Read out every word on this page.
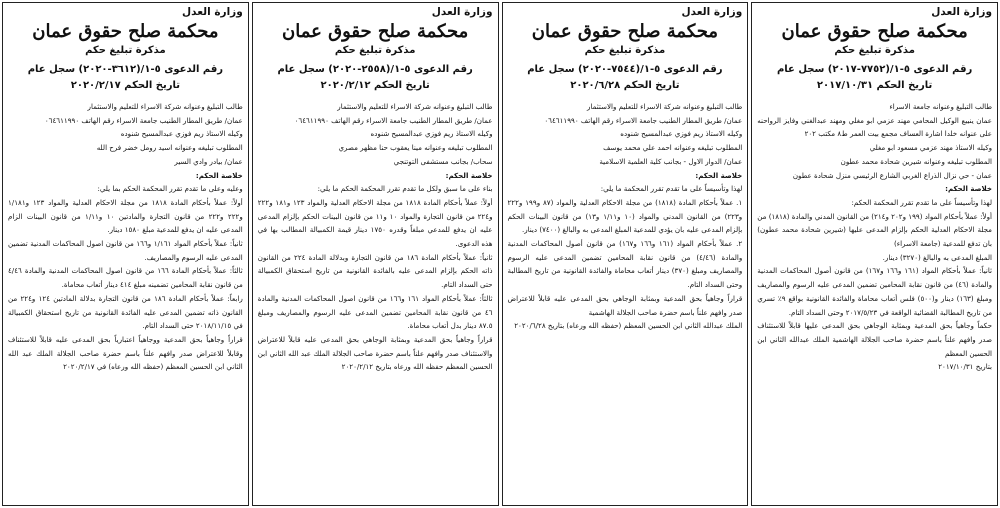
وزارة العدل
محكمة صلح حقوق عمان
مذكرة تبليغ حكم
رقم الدعوى ٥-١/(٣٦١٢-٢٠٢٠) سجل عام
تاريخ الحكم ٢٠٢٠/٢/١٧

طالب التبليغ وعنوانه شركة الاسراء للتعليم والاستثمار

عمان/ طريق المطار الطنيب جامعة الاسراء رقم الهاتف ٠٦٤٦١١٩٩٠

وكيله الاستاذ ريم فوزي عبدالمسيح شنوده

المطلوب تبليغه وعنوانه اسيد رومل خضر فرح الله

عمان/ بيادر وادي السير

خلاصة الحكم:

وعليه وعلى ما تقدم تقرر المحكمة الحكم بما يلي:

أولاً: عملاً بأحكام المادة ١٨١٨ من مجلة الاحكام العدلية والمواد ١٢٣ و١/١٨١ و٢٢٢ و٢٢٢ من قانون التجارة والمادتين ١٠ و١/١١ من قانون البينات الزام المدعى عليه ان يدفع للمدعية مبلغ ١٥٨٠ دينار.

ثانياً: عملاً بأحكام المواد ١/١٦١ و١٦٦ من قانون اصول المحاكمات المدنية تضمين المدعى عليه الرسوم والمصاريف.

ثالثاً: عملاً بأحكام المادة ١٦٦ من قانون اصول المحاكمات المدنية والمادة ٤/٤٦ من قانون نقابة المحامين تضمينه مبلغ ٤١٤ دينار أتعاب محاماة.

رابعاً: عملاً بأحكام المادة ١٨٦ من قانون التجارة بدلالة المادتين ١٢٤ و٢٢٤ من القانون ذاته تضمين المدعى عليه الفائدة القانونية من تاريخ استحقاق الكمبيالة في ٢٠١٨/١١/١٥ حتى السداد التام.

قراراً وجاهياً بحق المدعية ووجاهياً اعتبارياً بحق المدعى عليه قابلاً للاستئناف وقابلاً للاعتراض صدر وافهم علناً باسم حضرة صاحب الجلالة الملك عبد الله الثاني ابن الحسين المعظم (حفظه الله ورعاه) في ٢٠٢٠/٢/١٧

وزارة العدل
محكمة صلح حقوق عمان
مذكرة تبليغ حكم
رقم الدعوى ٥-١/(٢٥٥٨-٢٠٢٠) سجل عام
تاريخ الحكم ٢٠٢٠/٢/١٢

طالب التبليغ وعنوانه شركة الاسراء للتعليم والاستثمار

عمان/ طريق المطار الطنيب جامعة الاسراء رقم الهاتف ٠٦٤٦١١٩٩٠

وكيله الاستاذ ريم فوزي عبدالمسيح شنوده

المطلوب تبليغه وعنوانه مينا يعقوب حنا مظهر مصري

سحاب/ بجانب مستشفى التوتنجي

خلاصة الحكم:

بناء على ما سبق ولكل ما تقدم تقرر المحكمة الحكم ما يلي:

أولاً: عملاً بأحكام المادة ١٨١٨ من مجلة الاحكام العدلية والمواد ١٢٣ و١٨١ و٢٢٢ و٢٢٤ من قانون التجارة والمواد ١٠ و١١ من قانون البينات الحكم بإلزام المدعى عليه ان يدفع للمدعي مبلغاً وقدره ١٧٥٠ دينار قيمة الكمبيالة المطالب بها في هذه الدعوى.

ثانياً: عملاً بأحكام المادة ١٨٦ من قانون التجارة وبدلالة المادة ٢٢٤ من القانون ذاته الحكم بإلزام المدعى عليه بالفائدة القانونية من تاريخ استحقاق الكمبيالة حتى السداد التام.

ثالثاً: عملاً بأحكام المواد ١٦١ و١٦٦ من قانون اصول المحاكمات المدنية والمادة ٤٦ من قانون نقابة المحامين تضمين المدعى عليه الرسوم والمصاريف ومبلغ ٨٧.٥ دينار بدل أتعاب محاماة.

قراراً وجاهياً بحق المدعية وبمثابة الوجاهي بحق المدعى عليه قابلاً للاعتراض والاستئناف صدر وافهم علناً باسم حضرة صاحب الجلالة الملك عبد الله الثاني ابن الحسين المعظم حفظه الله ورعاه بتاريخ ٢٠٢٠/٢/١٢

وزارة العدل
محكمة صلح حقوق عمان
مذكرة تبليغ حكم
رقم الدعوى ٥-١/(٧٥٤٤-٢٠٢٠) سجل عام
تاريخ الحكم ٢٠٢٠/٦/٢٨

طالب التبليغ وعنوانه شركة الاسراء للتعليم والاستثمار

عمان/ طريق المطار الطنيب جامعة الاسراء رقم الهاتف ٠٦٤٦١١٩٩٠

وكيله الاستاذ ريم فوزي عبدالمسيح شنوده

المطلوب تبليغه وعنوانه احمد علي محمد يوسف

عمان/ الدوار الاول - بجانب كلية العلمية الاسلامية

خلاصة الحكم:

لهذا وتأسيساً على ما تقدم تقرر المحكمة ما يلي:

١. عملاً بأحكام المادة (١٨١٨) من مجلة الاحكام العدلية والمواد (٨٧ و١٩٩ و٢٢٢ و٢٢٣) من القانون المدني والمواد (١٠ و١/١١ و١٣) من قانون البينات الحكم بإلزام المدعى عليه بان يؤدي للمدعية المبلغ المدعى به والبالغ (٧٤٠٠) دينار.

٢. عملاً بأحكام المواد (١٦١ و١٦٦ و١٦٧) من قانون أصول المحاكمات المدنية والمادة (٤/٤٦) من قانون نقابة المحامين تضمين المدعى عليه الرسوم والمصاريف ومبلغ (٣٧٠) دينار أتعاب محاماة والفائدة القانونية من تاريخ المطالبة وحتى السداد التام.

قراراً وجاهياً بحق المدعية وبمثابة الوجاهي بحق المدعى عليه قابلاً للاعتراض صدر وافهم علناً باسم حضرة صاحب الجلالة الهاشمية

الملك عبدالله الثاني ابن الحسين المعظم (حفظه الله ورعاه) بتاريخ ٢٠٢٠/٦/٢٨

وزارة العدل
محكمة صلح حقوق عمان
مذكرة تبليغ حكم
رقم الدعوى ٥-١/(٧٧٥٢-٢٠١٧) سجل عام
تاريخ الحكم ٢٠١٧/١٠/٣١

طالب التبليغ وعنوانه جامعة الاسراء

عمان ينيبع الوكيل المحامي مهند عزمي ابو مغلي ومهند عبدالغني وفايز الرواحنه على عنوانه خلدا اشارة العساف مجمع بيت العمر ط٨ مكتب ٢٠٢

وكيله الاستاذ مهند عزمي مسعود ابو مغلي

المطلوب تبليغه وعنوانه شيرين شحادة محمد عطون

عمان - حي نزال الذراع الغربي الشارع الرئيسي منزل شحادة عطون

خلاصة الحكم:

لهذا وتأسيساً على ما تقدم تقرر المحكمة الحكم:

أولاً: عملاً بأحكام المواد (١٩٩ و٢٠٢ و٢١٤) من القانون المدني والمادة (١٨١٨) من مجلة الاحكام العدلية الحكم بإلزام المدعى عليها (شيرين شحادة محمد عطون) بان تدفع للمدعية (جامعة الاسراء)

المبلغ المدعى به والبالغ (٣٢٧٠) دينار.

ثانياً: عملاً بأحكام المواد (١٦١ و١٦٦ و١٦٧) من قانون أصول المحاكمات المدنية والمادة (٤٦) من قانون نقابة المحامين تضمين المدعى عليه الرسوم والمصاريف ومبلغ (١٦٣) دينار و(٥٠٠) فلس أتعاب محاماة والفائدة القانونية بواقع ٩٪ تسري من تاريخ المطالبة القضائية الواقعة في ٢٠١٧/٥/٢٣ وحتى السداد التام.

حكماً وجاهياً بحق المدعية وبمثابة الوجاهي بحق المدعى عليها قابلاً للاستئناف صدر وافهم علناً باسم حضرة صاحب الجلالة الهاشمية الملك عبدالله الثاني ابن الحسين المعظم

بتاريخ ٢٠١٧/١٠/٣١
